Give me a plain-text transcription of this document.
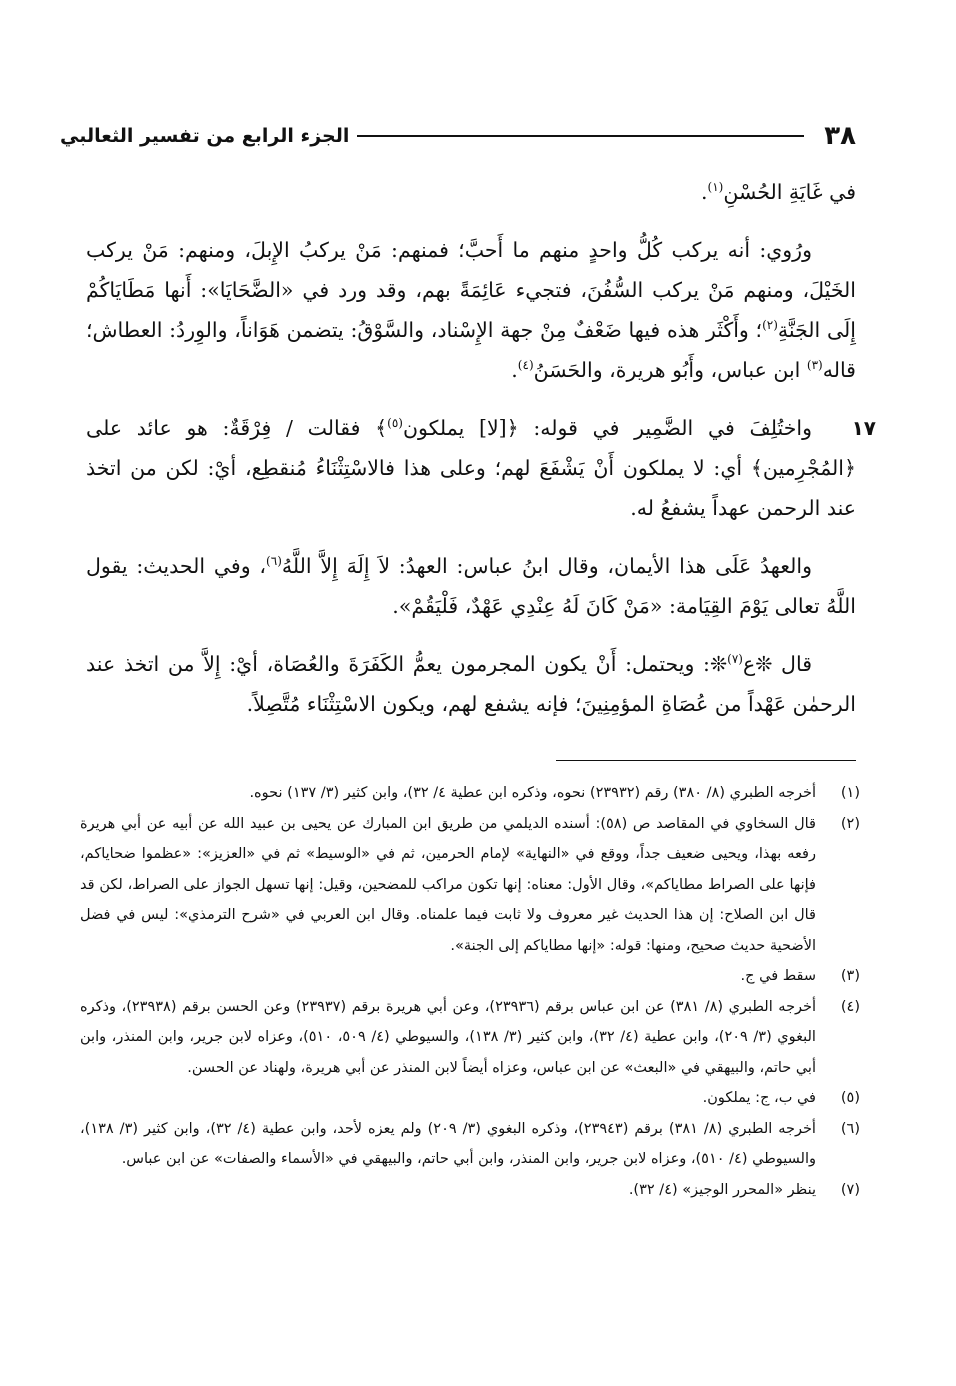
٣٨
الجزء الرابع من تفسير الثعالبي

في غَايَةِ الحُسْنِ$^{(١)}$.

ورُوي: أنه يركب كُلُّ واحدٍ منهم ما أَحبَّ؛ فمنهم: مَنْ يركبُ الإِبلَ، ومنهم: مَنْ يركب الخَيْلَ، ومنهم مَنْ يركب السُّفُنَ، فتجيء عَائِمَةً بهم، وقد ورد في «الضَّحَايَا»: أَنها مَطَايَاكُمْ إِلَى الجَنَّةِ$^{(٢)}$؛ وأَكْثَر هذه فيها ضَعْفٌ مِنْ جهة الإِسْناد، والسَّوْقُ: يتضمن هَوَاناً، والوِردُ: العطاش؛ قاله$^{(٣)}$ ابن عباس، وأَبُو هريرة، والحَسَنُ$^{(٤)}$.

١٧
واختُلِفَ في الضَّمِير في قوله: ﴿[لا] يملكون$^{(٥)}$﴾ فقالت / فِرْقَةٌ: هو عائد على ﴿المُجْرِمين﴾ أي: لا يملكون أَنْ يَشْفَعَ لهم؛ وعلى هذا فالاسْتِثْنَاءُ مُنقطِع، أيْ: لكن من اتخذ عند الرحمن عهداً يشفعُ له.

والعهدُ عَلَى هذا الأيمان، وقال ابنُ عباس: العهدُ: لاَ إِلَهَ إِلاَّ اللَّهُ$^{(٦)}$، وفي الحديث: يقول اللَّهُ تعالى يَوْمَ القِيَامة: «مَنْ كَانَ لَهُ عِنْدِي عَهْدٌ، فَلْيَقُمْ».

قال ❊ع$^{(٧)}$❊: ويحتمل: أَنْ يكون المجرمون يعمُّ الكَفَرَةَ والعُصَاة، أيْ: إِلاَّ من اتخذ عند الرحمٰن عَهْداً من عُصَاةِ المؤمِنِينَ؛ فإنه يشفع لهم، ويكون الاسْتِثْنَاء مُتَّصِلاً.

(١)
أخرجه الطبري (٨/ ٣٨٠) رقم (٢٣٩٣٢) نحوه، وذكره ابن عطية ٤/ ٣٢)، وابن كثير (٣/ ١٣٧) نحوه.
(٢)
قال السخاوي في المقاصد ص (٥٨): أسنده الديلمي من طريق ابن المبارك عن يحيى بن عبيد الله عن أبيه عن أبي هريرة رفعه بهذا، ويحيى ضعيف جداً، ووقع في «النهاية» لإمام الحرمين، ثم في «الوسيط» ثم في «العزيز»: «عظموا ضحاياكم، فإنها على الصراط مطاياكم»، وقال الأول: معناه: إنها تكون مراكب للمضحين، وقيل: إنها تسهل الجواز على الصراط، لكن قد قال ابن الصلاح: إن هذا الحديث غير معروف ولا ثابت فيما علمناه. وقال ابن العربي في «شرح الترمذي»: ليس في فضل الأضحية حديث صحيح، ومنها: قوله: «إنها مطاياكم إلى الجنة».
(٣)
سقط في ج.
(٤)
أخرجه الطبري (٨/ ٣٨١) عن ابن عباس برقم (٢٣٩٣٦)، وعن أبي هريرة برقم (٢٣٩٣٧) وعن الحسن برقم (٢٣٩٣٨)، وذكره البغوي (٣/ ٢٠٩)، وابن عطية (٤/ ٣٢)، وابن كثير (٣/ ١٣٨)، والسيوطي (٤/ ٥٠٩، ٥١٠)، وعزاه لابن جرير، وابن المنذر، وابن أبي حاتم، والبيهقي في «البعث» عن ابن عباس، وعزاه أيضاً لابن المنذر عن أبي هريرة، ولهناد عن الحسن.
(٥)
في ب، ج: يملكون.
(٦)
أخرجه الطبري (٨/ ٣٨١) برقم (٢٣٩٤٣)، وذكره البغوي (٣/ ٢٠٩) ولم يعزه لأحد، وابن عطية (٤/ ٣٢)، وابن كثير (٣/ ١٣٨)، والسيوطي (٤/ ٥١٠)، وعزاه لابن جرير، وابن المنذر، وابن أبي حاتم، والبيهقي في «الأسماء والصفات» عن ابن عباس.
(٧)
ينظر «المحرر الوجيز» (٤/ ٣٢).
